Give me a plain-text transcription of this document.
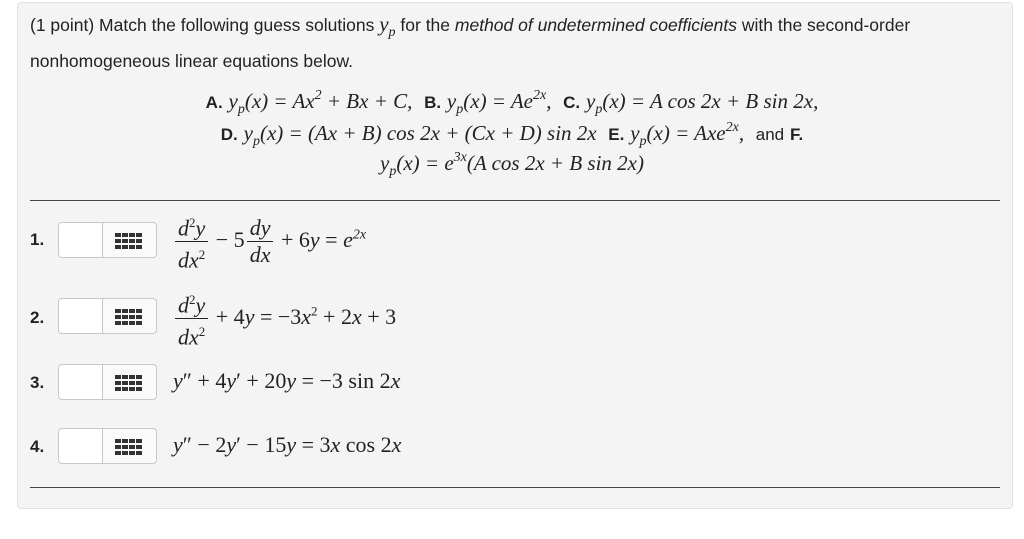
(1 point) Match the following guess solutions $y_p$ for the method of undetermined coefficients with the second-order nonhomogeneous linear equations below.
A. $y_p(x) = Ax^2 + Bx + C$, B. $y_p(x) = Ae^{2x}$, C. $y_p(x) = A$ cos 2x + B sin 2x,
D. $y_p(x) = (Ax + B)$ cos 2x + (Cx + D) sin 2x E. $y_p(x) = Axe^{2x}$, and F.
$y_p(x) = e^{3x}(A$ cos 2x + B sin 2x)
1.	$\frac{d^2y}{dx^2} - 5 \frac{dy}{dx} + 6y = e^{2x}$
2.	$\frac{d^2y}{dx^2} + 4y = -3x^2 + 2x + 3$
3.	y″ + 4y′ + 20y = −3 sin 2x
4.	y″ − 2y′ − 15y = 3x cos 2x
